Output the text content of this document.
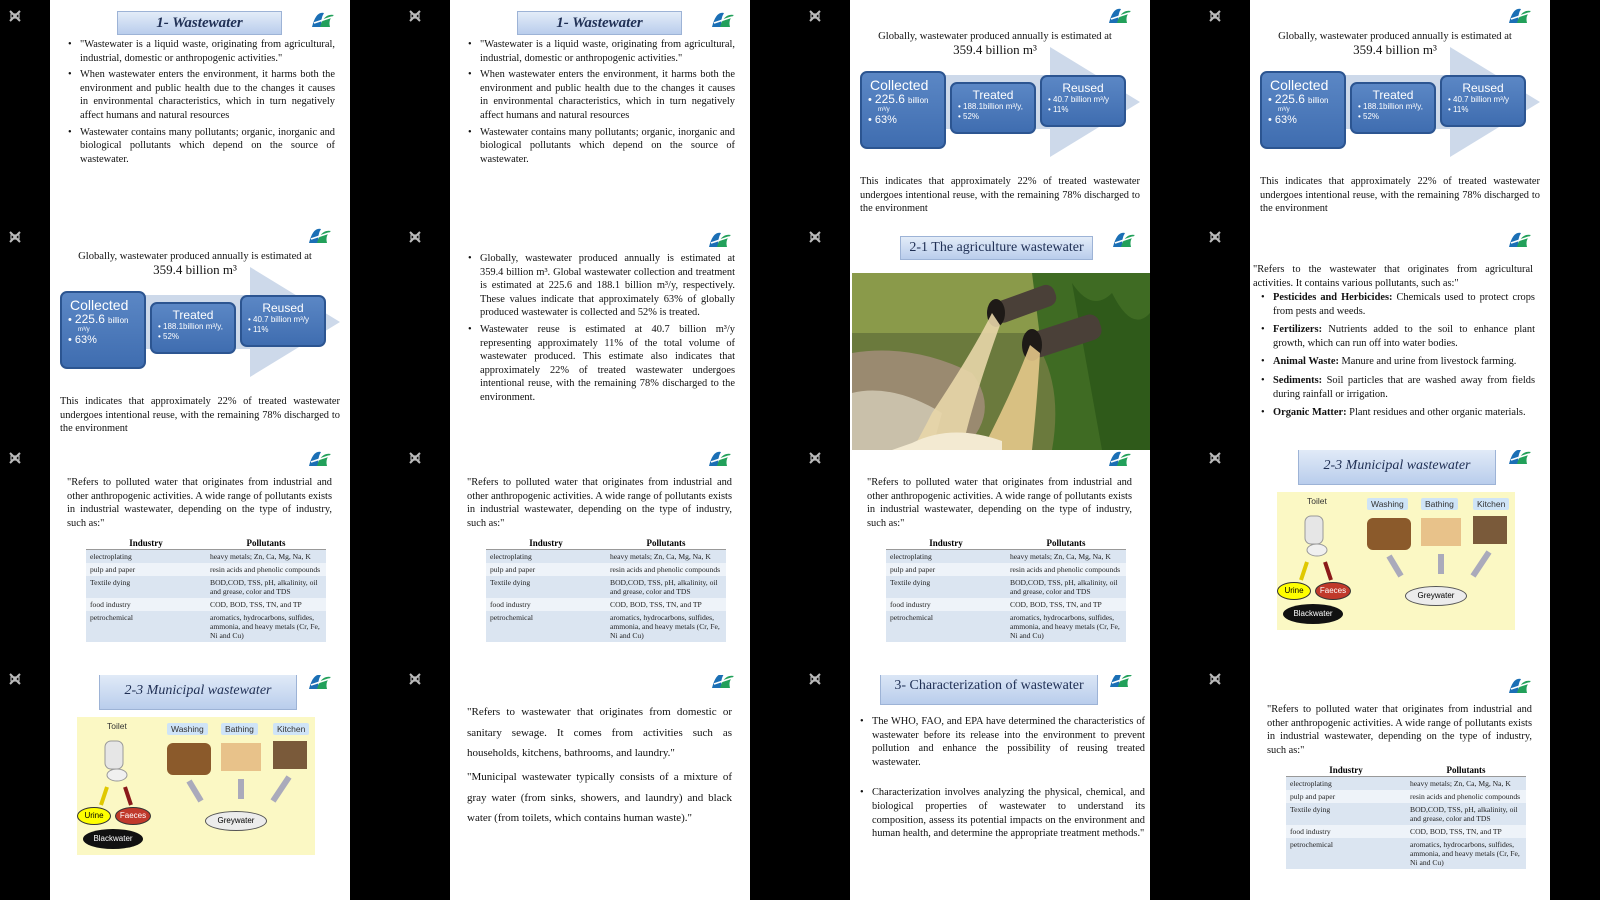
1- Wastewater
• "Wastewater is a liquid waste, originating from agricultural, industrial, domestic or anthropogenic activities."
• When wastewater enters the environment, it harms both the environment and public health due to the changes it causes in environmental characteristics, which in turn negatively affect humans and natural resources
• Wastewater contains many pollutants; organic, inorganic and biological pollutants which depend on the source of wastewater.
Globally, wastewater produced annually is estimated at
359.4 billion m³
Collected
• 225.6 billion
m³/y
• 63%
Treated
• 188.1billion m³/y,
• 52%
Reused
• 40.7 billion m³/y
• 11%
This indicates that approximately 22% of treated wastewater undergoes intentional reuse, with the remaining 78% discharged to the environment
"Refers to polluted water that originates from industrial and other anthropogenic activities. A wide range of pollutants exists in industrial wastewater, depending on the type of industry, such as:"
Industry	Pollutants
electroplating	heavy metals; Zn, Ca, Mg, Na, K
pulp and paper	resin acids and phenolic compounds
Textile dying	BOD,COD, TSS, pH, alkalinity, oil and grease, color and TDS
food industry	COD, BOD, TSS, TN, and TP
petrochemical	aromatics, hydrocarbons, sulfides, ammonia, and heavy metals (Cr, Fe, Ni and Cu)
2-3 Municipal wastewater
Toilet	Washing	Bathing	Kitchen
Urine	Faeces
Blackwater
Greywater
1- Wastewater
• "Wastewater is a liquid waste, originating from agricultural, industrial, domestic or anthropogenic activities."
• When wastewater enters the environment, it harms both the environment and public health due to the changes it causes in environmental characteristics, which in turn negatively affect humans and natural resources
• Wastewater contains many pollutants; organic, inorganic and biological pollutants which depend on the source of wastewater.
• Globally, wastewater produced annually is estimated at 359.4 billion m³. Global wastewater collection and treatment is estimated at 225.6 and 188.1 billion m³/y, respectively. These values indicate that approximately 63% of globally produced wastewater is collected and 52% is treated.
• Wastewater reuse is estimated at 40.7 billion m³/y representing approximately 11% of the total volume of wastewater produced. This estimate also indicates that approximately 22% of treated wastewater undergoes intentional reuse, with the remaining 78% discharged to the environment.
"Refers to polluted water that originates from industrial and other anthropogenic activities. A wide range of pollutants exists in industrial wastewater, depending on the type of industry, such as:"
Industry	Pollutants
electroplating	heavy metals; Zn, Ca, Mg, Na, K
pulp and paper	resin acids and phenolic compounds
Textile dying	BOD,COD, TSS, pH, alkalinity, oil and grease, color and TDS
food industry	COD, BOD, TSS, TN, and TP
petrochemical	aromatics, hydrocarbons, sulfides, ammonia, and heavy metals (Cr, Fe, Ni and Cu)
"Refers to wastewater that originates from domestic or sanitary sewage. It comes from activities such as households, kitchens, bathrooms, and laundry."
"Municipal wastewater typically consists of a mixture of gray water (from sinks, showers, and laundry) and black water (from toilets, which contains human waste)."
Globally, wastewater produced annually is estimated at
359.4 billion m³
Collected
• 225.6 billion
m³/y
• 63%
Treated
• 188.1billion m³/y,
• 52%
Reused
• 40.7 billion m³/y
• 11%
This indicates that approximately 22% of treated wastewater undergoes intentional reuse, with the remaining 78% discharged to the environment
2-1 The agriculture wastewater
"Refers to polluted water that originates from industrial and other anthropogenic activities. A wide range of pollutants exists in industrial wastewater, depending on the type of industry, such as:"
Industry	Pollutants
electroplating	heavy metals; Zn, Ca, Mg, Na, K
pulp and paper	resin acids and phenolic compounds
Textile dying	BOD,COD, TSS, pH, alkalinity, oil and grease, color and TDS
food industry	COD, BOD, TSS, TN, and TP
petrochemical	aromatics, hydrocarbons, sulfides, ammonia, and heavy metals (Cr, Fe, Ni and Cu)
3- Characterization of wastewater
• The WHO, FAO, and EPA have determined the characteristics of wastewater before its release into the environment to prevent pollution and enhance the possibility of reusing treated wastewater.
• Characterization involves analyzing the physical, chemical, and biological properties of wastewater to understand its composition, assess its potential impacts on the environment and human health, and determine the appropriate treatment methods."
Globally, wastewater produced annually is estimated at
359.4 billion m³
Collected
• 225.6 billion
m³/y
• 63%
Treated
• 188.1billion m³/y,
• 52%
Reused
• 40.7 billion m³/y
• 11%
This indicates that approximately 22% of treated wastewater undergoes intentional reuse, with the remaining 78% discharged to the environment
"Refers to the wastewater that originates from agricultural activities. It contains various pollutants, such as:"
• Pesticides and Herbicides: Chemicals used to protect crops from pests and weeds.
• Fertilizers: Nutrients added to the soil to enhance plant growth, which can run off into water bodies.
• Animal Waste: Manure and urine from livestock farming.
• Sediments: Soil particles that are washed away from fields during rainfall or irrigation.
• Organic Matter: Plant residues and other organic materials.
2-3 Municipal wastewater
Toilet	Washing	Bathing	Kitchen
Urine	Faeces
Blackwater
Greywater
"Refers to polluted water that originates from industrial and other anthropogenic activities. A wide range of pollutants exists in industrial wastewater, depending on the type of industry, such as:"
Industry	Pollutants
electroplating	heavy metals; Zn, Ca, Mg, Na, K
pulp and paper	resin acids and phenolic compounds
Textile dying	BOD,COD, TSS, pH, alkalinity, oil and grease, color and TDS
food industry	COD, BOD, TSS, TN, and TP
petrochemical	aromatics, hydrocarbons, sulfides, ammonia, and heavy metals (Cr, Fe, Ni and Cu)
